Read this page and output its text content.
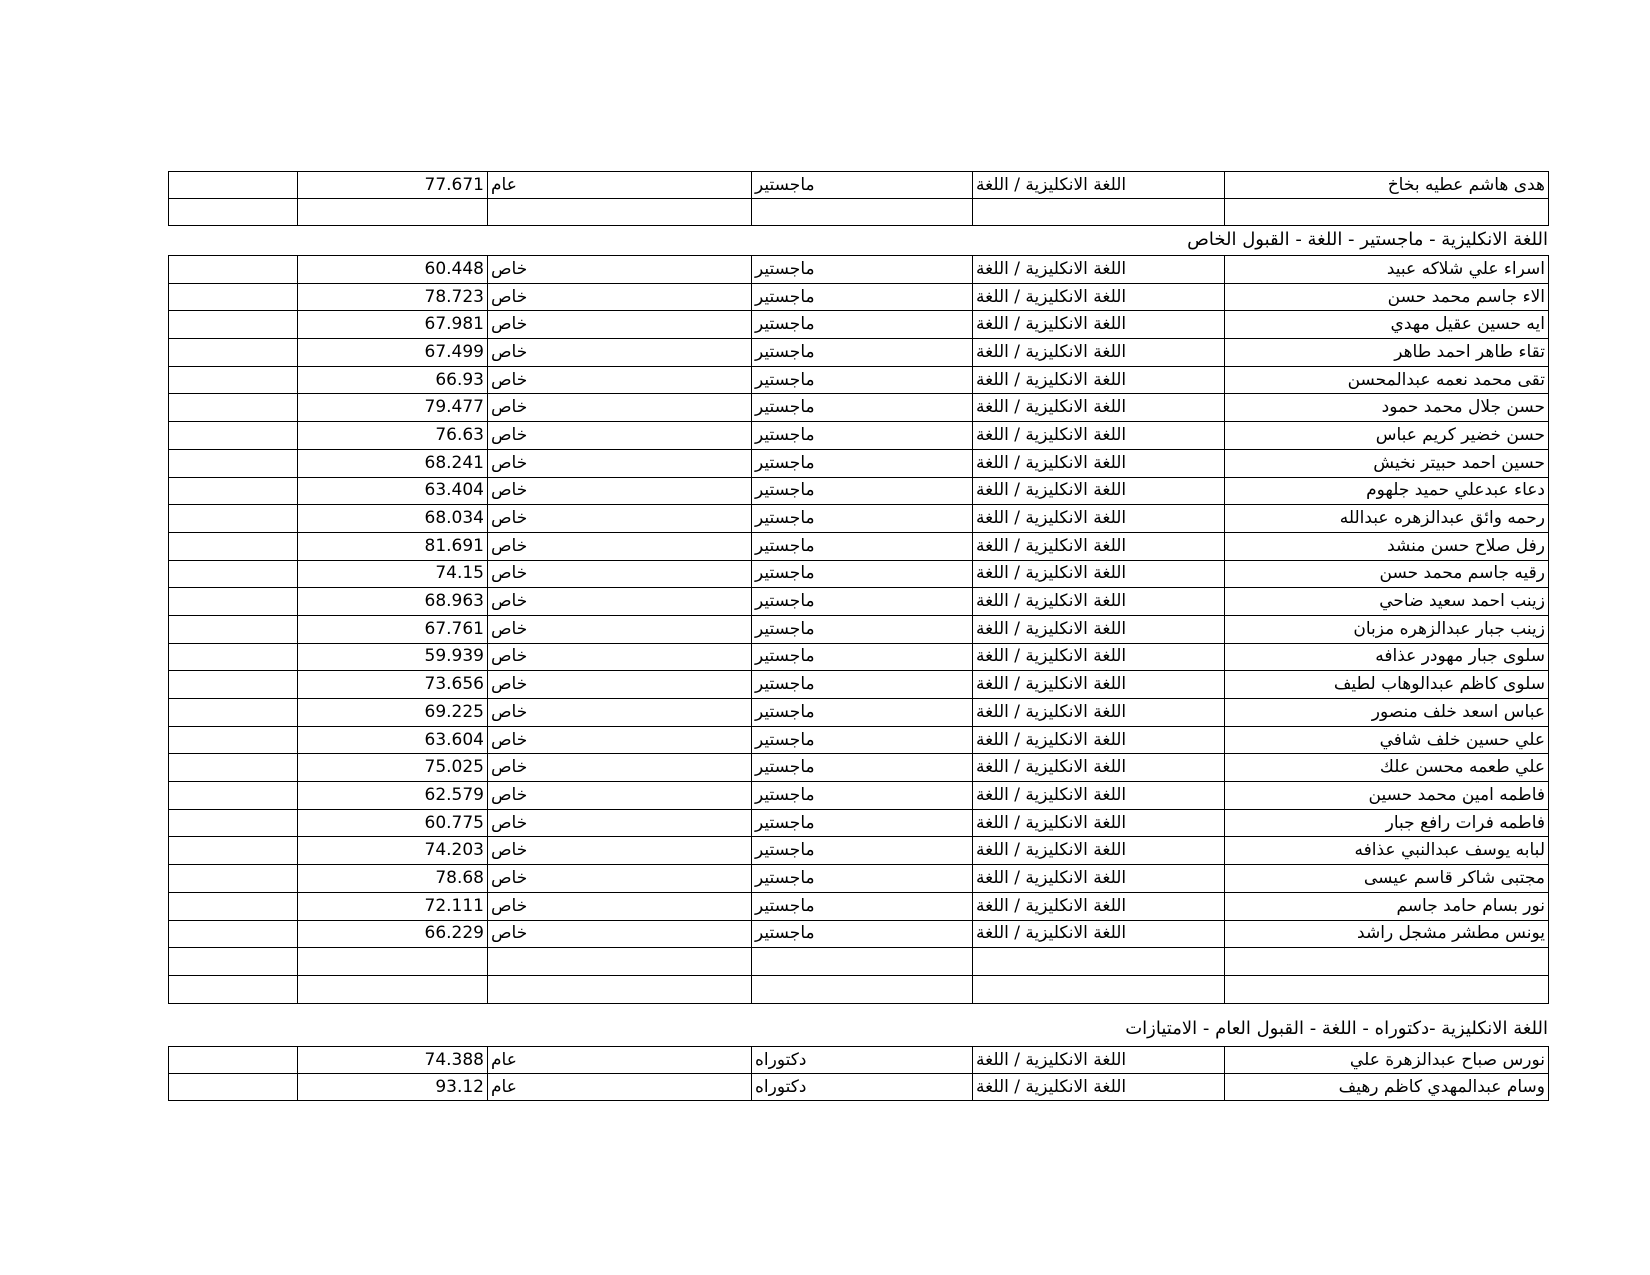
	77.671	عام	ماجستير	اللغة الانكليزية / اللغة	هدى هاشم عطيه بخاخ

اللغة الانكليزية - ماجستير - اللغة - القبول الخاص
	60.448	خاص	ماجستير	اللغة الانكليزية / اللغة	اسراء علي شلاكه عبيد
	78.723	خاص	ماجستير	اللغة الانكليزية / اللغة	الاء جاسم محمد حسن
	67.981	خاص	ماجستير	اللغة الانكليزية / اللغة	ايه حسين عقيل مهدي
	67.499	خاص	ماجستير	اللغة الانكليزية / اللغة	تقاء طاهر احمد طاهر
	66.93	خاص	ماجستير	اللغة الانكليزية / اللغة	تقى محمد نعمه عبدالمحسن
	79.477	خاص	ماجستير	اللغة الانكليزية / اللغة	حسن جلال محمد حمود
	76.63	خاص	ماجستير	اللغة الانكليزية / اللغة	حسن خضير كريم عباس
	68.241	خاص	ماجستير	اللغة الانكليزية / اللغة	حسين احمد حبيتر نخيش
	63.404	خاص	ماجستير	اللغة الانكليزية / اللغة	دعاء عبدعلي حميد جلهوم
	68.034	خاص	ماجستير	اللغة الانكليزية / اللغة	رحمه وائق عبدالزهره عبدالله
	81.691	خاص	ماجستير	اللغة الانكليزية / اللغة	رفل صلاح حسن منشد
	74.15	خاص	ماجستير	اللغة الانكليزية / اللغة	رقيه جاسم محمد حسن
	68.963	خاص	ماجستير	اللغة الانكليزية / اللغة	زينب احمد سعيد ضاحي
	67.761	خاص	ماجستير	اللغة الانكليزية / اللغة	زينب جبار عبدالزهره مزبان
	59.939	خاص	ماجستير	اللغة الانكليزية / اللغة	سلوى جبار مهودر عذافه
	73.656	خاص	ماجستير	اللغة الانكليزية / اللغة	سلوى كاظم عبدالوهاب لطيف
	69.225	خاص	ماجستير	اللغة الانكليزية / اللغة	عباس اسعد خلف منصور
	63.604	خاص	ماجستير	اللغة الانكليزية / اللغة	علي حسين خلف شافي
	75.025	خاص	ماجستير	اللغة الانكليزية / اللغة	علي طعمه محسن علك
	62.579	خاص	ماجستير	اللغة الانكليزية / اللغة	فاطمه امين محمد حسين
	60.775	خاص	ماجستير	اللغة الانكليزية / اللغة	فاطمه فرات رافع جبار
	74.203	خاص	ماجستير	اللغة الانكليزية / اللغة	لبابه يوسف عبدالنبي عذافه
	78.68	خاص	ماجستير	اللغة الانكليزية / اللغة	مجتبى شاكر قاسم عيسى
	72.111	خاص	ماجستير	اللغة الانكليزية / اللغة	نور بسام حامد جاسم
	66.229	خاص	ماجستير	اللغة الانكليزية / اللغة	يونس مطشر مشجل راشد

اللغة الانكليزية -دكتوراه - اللغة - القبول العام - الامتيازات
	74.388	عام	دكتوراه	اللغة الانكليزية / اللغة	نورس صباح عبدالزهرة علي
	93.12	عام	دكتوراه	اللغة الانكليزية / اللغة	وسام عبدالمهدي كاظم رهيف
